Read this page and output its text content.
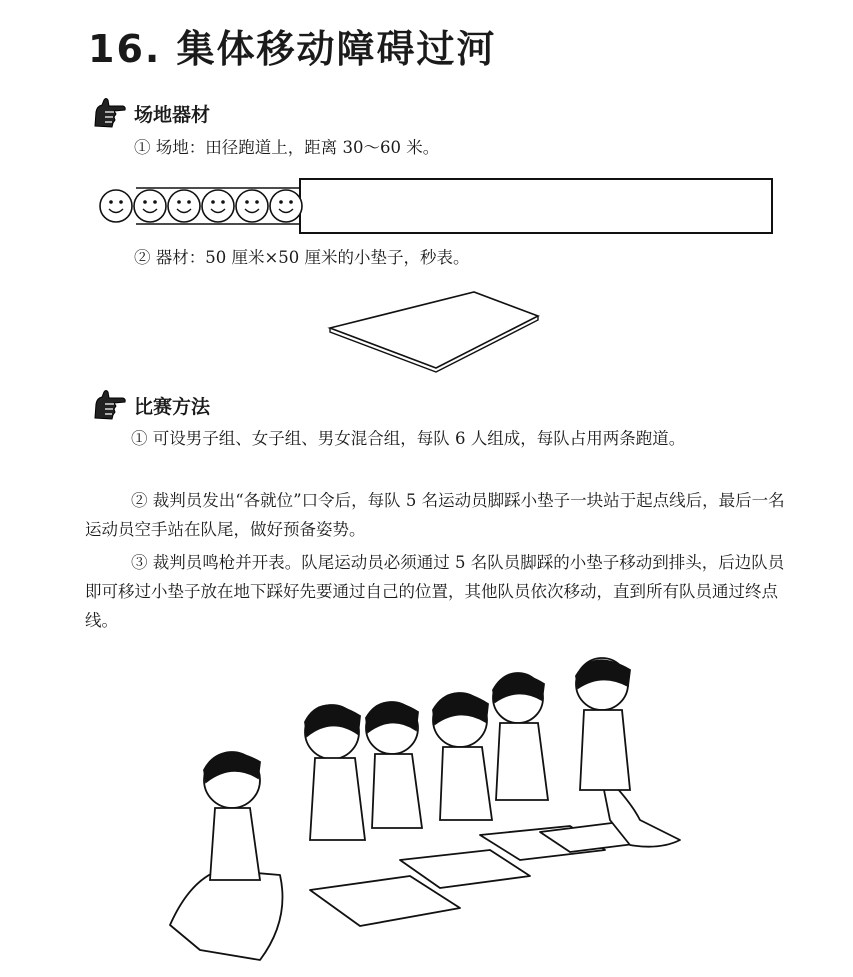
16. 集体移动障碍过河
场地器材
① 场地：田径跑道上，距离 30～60 米。
② 器材：50 厘米×50 厘米的小垫子，秒表。
比赛方法

① 可设男子组、女子组、男女混合组，每队 6 人组成，每队占用两条跑道。

② 裁判员发出“各就位”口令后，每队 5 名运动员脚踩小垫子一块站于起点线后，最后一名运动员空手站在队尾，做好预备姿势。

③ 裁判员鸣枪并开表。队尾运动员必须通过 5 名队员脚踩的小垫子移动到排头，后边队员即可移过小垫子放在地下踩好先要通过自己的位置，其他队员依次移动，直到所有队员通过终点线。
